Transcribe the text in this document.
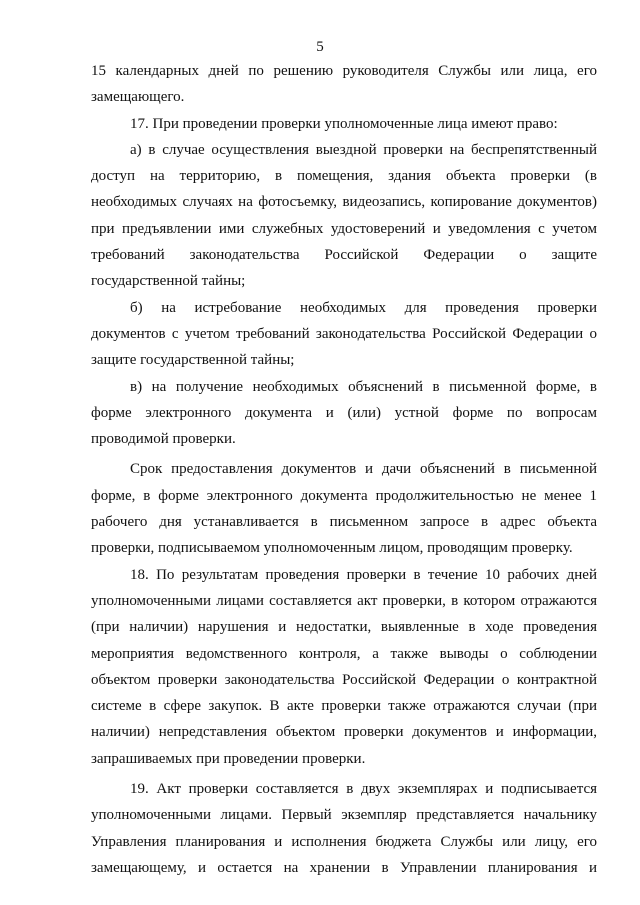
5
15 календарных дней по решению руководителя Службы или лица, его
замещающего.
17. При проведении проверки уполномоченные лица имеют право:
а) в случае осуществления выездной проверки на беспрепятственный
доступ на территорию, в помещения, здания объекта проверки (в
необходимых случаях на фотосъемку, видеозапись, копирование документов)
при предъявлении ими служебных удостоверений и уведомления с учетом
требований законодательства Российской Федерации о защите
государственной тайны;
б) на истребование необходимых для проведения проверки
документов с учетом требований законодательства Российской Федерации о
защите государственной тайны;
в) на получение необходимых объяснений в письменной форме, в
форме электронного документа и (или) устной форме по вопросам
проводимой проверки.
Срок предоставления документов и дачи объяснений в письменной
форме, в форме электронного документа продолжительностью не менее 1
рабочего дня устанавливается в письменном запросе в адрес объекта
проверки, подписываемом уполномоченным лицом, проводящим проверку.
18. По результатам проведения проверки в течение 10 рабочих дней
уполномоченными лицами составляется акт проверки, в котором отражаются
(при наличии) нарушения и недостатки, выявленные в ходе проведения
мероприятия ведомственного контроля, а также выводы о соблюдении
объектом проверки законодательства Российской Федерации о контрактной
системе в сфере закупок. В акте проверки также отражаются случаи (при
наличии) непредставления объектом проверки документов и информации,
запрашиваемых при проведении проверки.
19. Акт проверки составляется в двух экземплярах и подписывается
уполномоченными лицами. Первый экземпляр представляется начальнику
Управления планирования и исполнения бюджета Службы или лицу, его
замещающему, и остается на хранении в Управлении планирования и
